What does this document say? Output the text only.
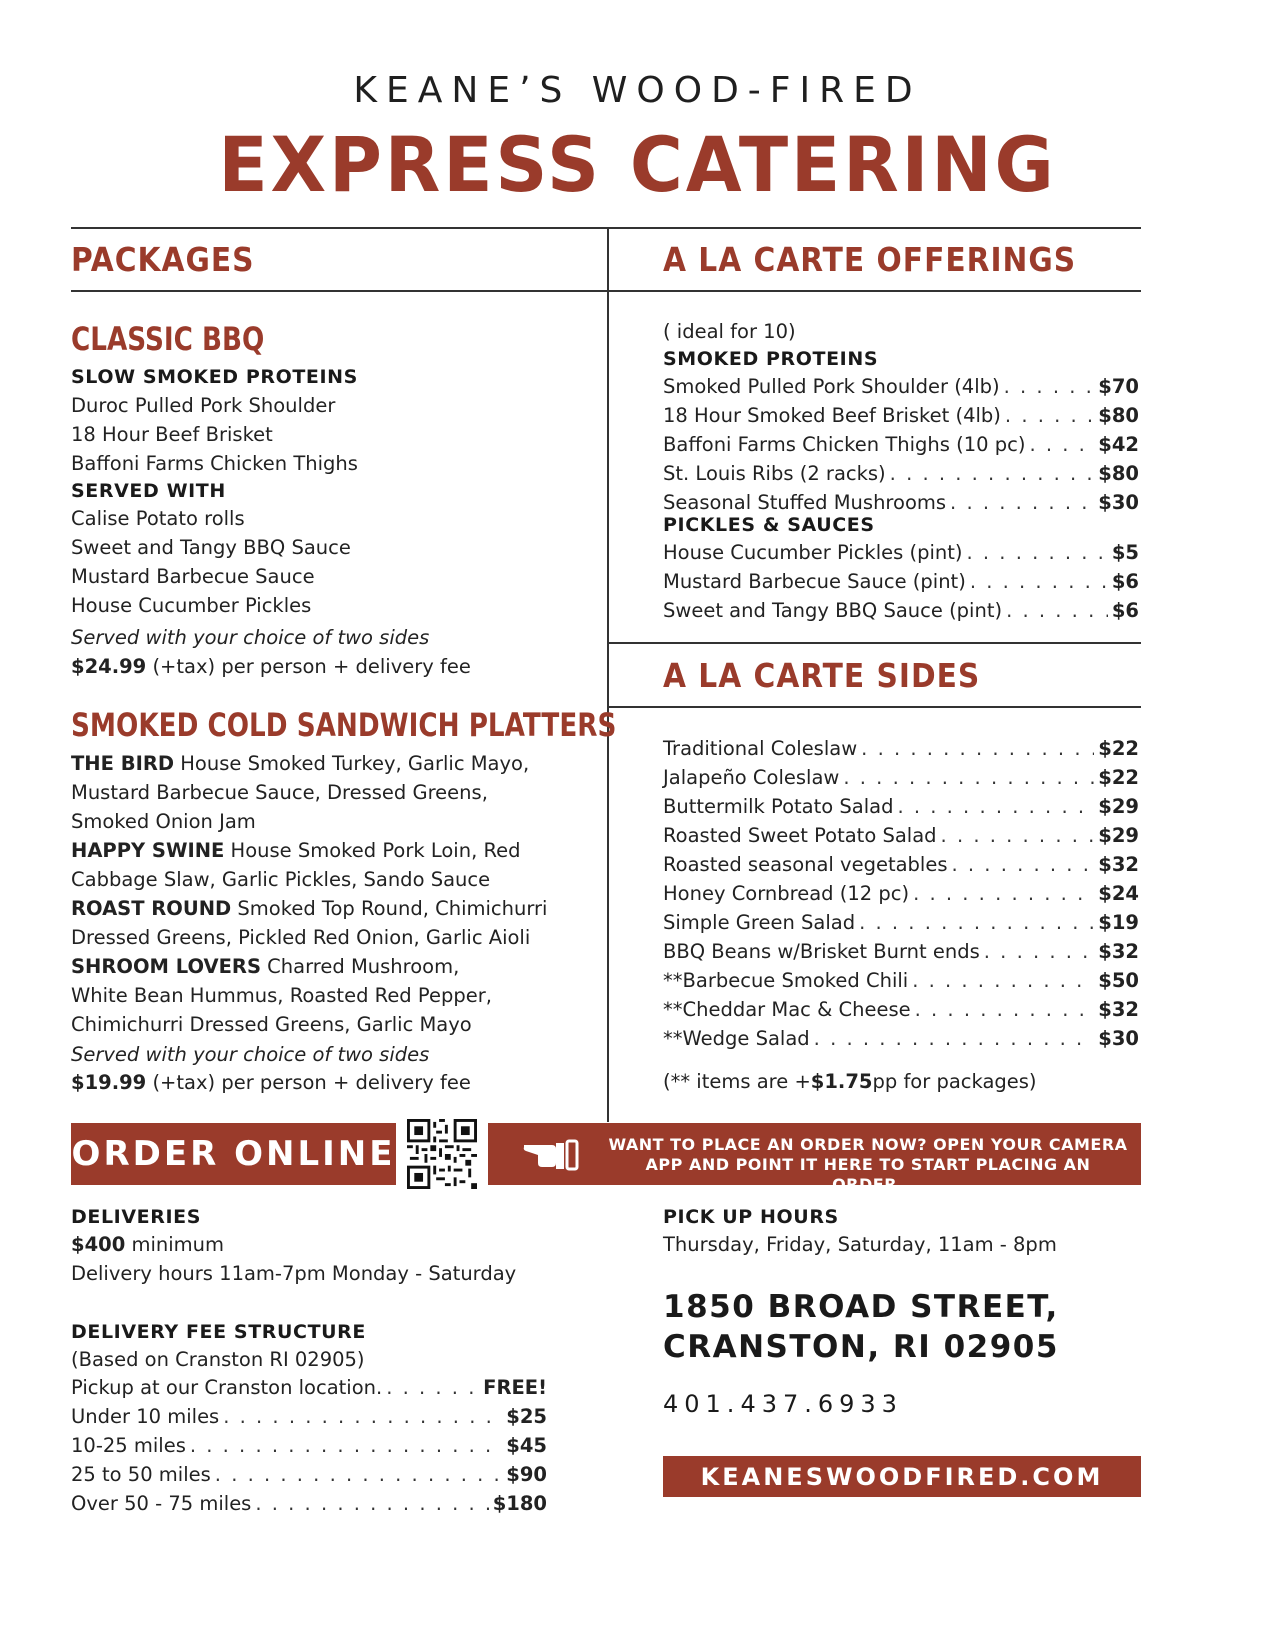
KEANE’S WOOD-FIRED
EXPRESS CATERING
PACKAGES	A LA CARTE OFFERINGS
A LA CARTE SIDES
CLASSIC BBQ
SLOW SMOKED PROTEINS
Duroc Pulled Pork Shoulder
18 Hour Beef Brisket
Baffoni Farms Chicken Thighs
SERVED WITH
Calise Potato rolls
Sweet and Tangy BBQ Sauce
Mustard Barbecue Sauce
House Cucumber Pickles
Served with your choice of two sides
$24.99 (+tax) per person + delivery fee
SMOKED COLD SANDWICH PLATTERS
THE BIRD House Smoked Turkey, Garlic Mayo,
Mustard Barbecue Sauce, Dressed Greens,
Smoked Onion Jam
HAPPY SWINE House Smoked Pork Loin, Red
Cabbage Slaw, Garlic Pickles, Sando Sauce
ROAST ROUND Smoked Top Round, Chimichurri
Dressed Greens, Pickled Red Onion, Garlic Aioli
SHROOM LOVERS Charred Mushroom,
White Bean Hummus, Roasted Red Pepper,
Chimichurri Dressed Greens, Garlic Mayo
Served with your choice of two sides
$19.99 (+tax) per person + delivery fee
( ideal for 10)
SMOKED PROTEINS
Smoked Pulled Pork Shoulder (4lb) . . .	$70
18 Hour Smoked Beef Brisket (4lb) . . .	$80
Baffoni Farms Chicken Thighs (10 pc) . . .	$42
St. Louis Ribs (2 racks) . . .	$80
Seasonal Stuffed Mushrooms . . .	$30
PICKLES & SAUCES
House Cucumber Pickles (pint) . . .	$5
Mustard Barbecue Sauce (pint) . . .	$6
Sweet and Tangy BBQ Sauce (pint) . . .	$6
Traditional Coleslaw . . .	$22
Jalapeño Coleslaw . . .	$22
Buttermilk Potato Salad . . .	$29
Roasted Sweet Potato Salad . . .	$29
Roasted seasonal vegetables . . .	$32
Honey Cornbread (12 pc) . . .	$24
Simple Green Salad . . .	$19
BBQ Beans w/Brisket Burnt ends . . .	$32
**Barbecue Smoked Chili . . .	$50
**Cheddar Mac & Cheese . . .	$32
**Wedge Salad . . .	$30
(** items are +$1.75pp for packages)
ORDER ONLINE	WANT TO PLACE AN ORDER NOW? OPEN YOUR CAMERA
APP AND POINT IT HERE TO START PLACING AN ORDER.
DELIVERIES
$400 minimum
Delivery hours 11am-7pm Monday - Saturday
DELIVERY FEE STRUCTURE
(Based on Cranston RI 02905)
Pickup at our Cranston location. . . .	FREE!
Under 10 miles . . .	$25
10-25 miles . . .	$45
25 to 50 miles . . .	$90
Over 50 - 75 miles . . .	$180
PICK UP HOURS
Thursday, Friday, Saturday, 11am - 8pm
1850 BROAD STREET,
CRANSTON, RI 02905
401.437.6933
KEANESWOODFIRED.COM
